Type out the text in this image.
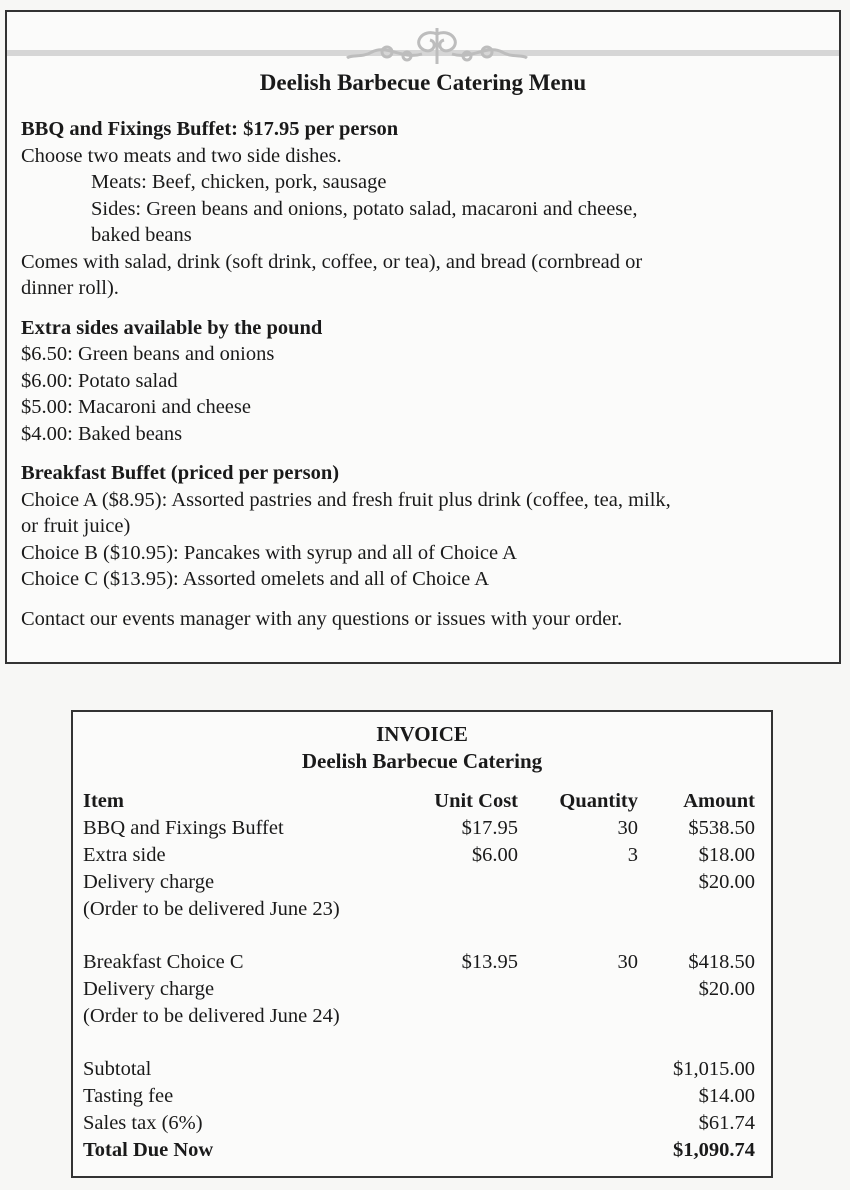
Deelish Barbecue Catering Menu

BBQ and Fixings Buffet: $17.95 per person

Choose two meats and two side dishes.

Meats: Beef, chicken, pork, sausage

Sides: Green beans and onions, potato salad, macaroni and cheese,

baked beans

Comes with salad, drink (soft drink, coffee, or tea), and bread (cornbread or

dinner roll).

Extra sides available by the pound

$6.50: Green beans and onions

$6.00: Potato salad

$5.00: Macaroni and cheese

$4.00: Baked beans

Breakfast Buffet (priced per person)

Choice A ($8.95): Assorted pastries and fresh fruit plus drink (coffee, tea, milk,

or fruit juice)

Choice B ($10.95): Pancakes with syrup and all of Choice A

Choice C ($13.95): Assorted omelets and all of Choice A

Contact our events manager with any questions or issues with your order.

INVOICE

Deelish Barbecue Catering

Item	Unit Cost	Quantity	Amount
BBQ and Fixings Buffet	$17.95	30	$538.50
Extra side	$6.00	3	$18.00
Delivery charge			$20.00
(Order to be delivered June 23)			

Breakfast Choice C	$13.95	30	$418.50
Delivery charge			$20.00
(Order to be delivered June 24)			

Subtotal			$1,015.00
Tasting fee			$14.00
Sales tax (6%)			$61.74
Total Due Now			$1,090.74
